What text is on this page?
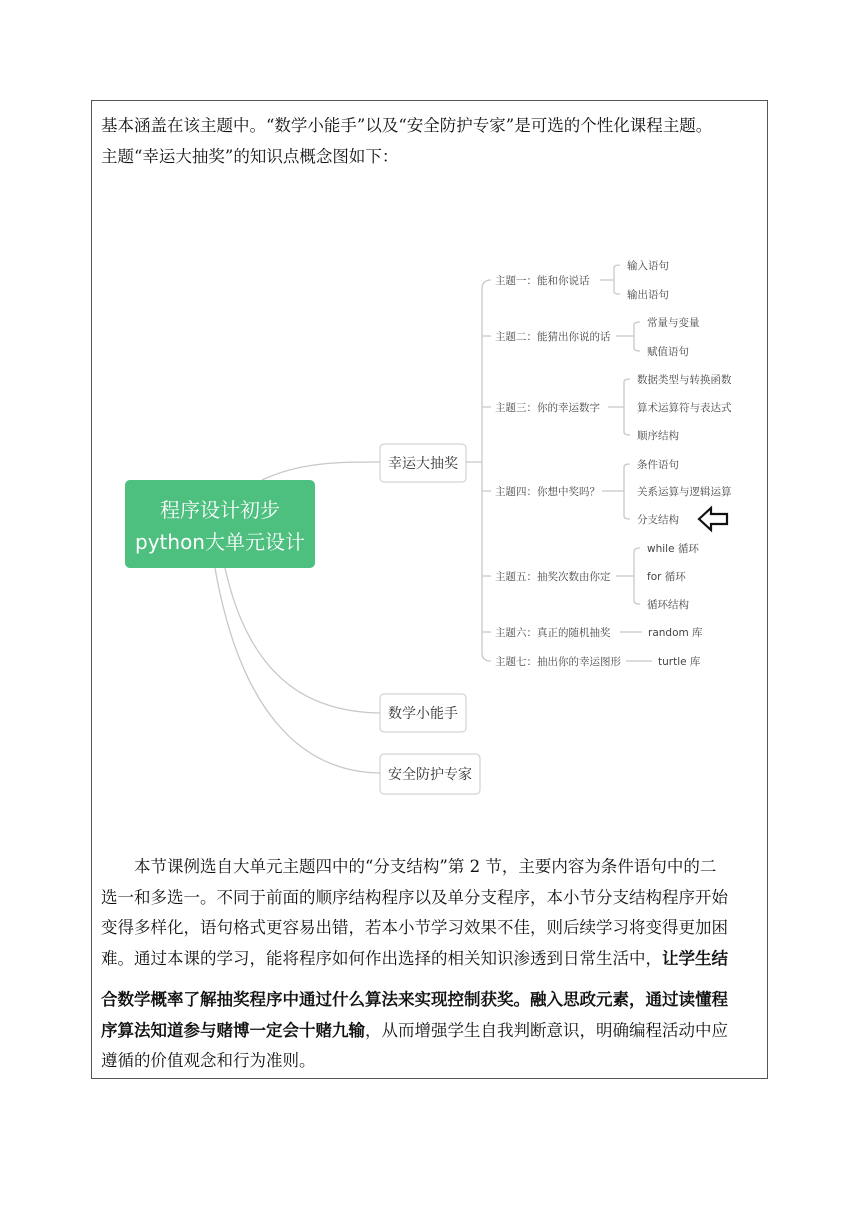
基本涵盖在该主题中。“数学小能手”以及“安全防护专家”是可选的个性化课程主题。
主题“幸运大抽奖”的知识点概念图如下：
程序设计初步
python大单元设计
幸运大抽奖
数学小能手
安全防护专家
主题一：能和你说话
输入语句
输出语句
主题二：能猜出你说的话
常量与变量
赋值语句
主题三：你的幸运数字
数据类型与转换函数
算术运算符与表达式
顺序结构
主题四：你想中奖吗？
条件语句
关系运算与逻辑运算
分支结构
主题五：抽奖次数由你定
while 循环
for 循环
循环结构
主题六：真正的随机抽奖	random 库
主题七：抽出你的幸运图形	turtle 库
本节课例选自大单元主题四中的“分支结构”第 2 节，主要内容为条件语句中的二
选一和多选一。不同于前面的顺序结构程序以及单分支程序，本小节分支结构程序开始
变得多样化，语句格式更容易出错，若本小节学习效果不佳，则后续学习将变得更加困
难。通过本课的学习，能将程序如何作出选择的相关知识渗透到日常生活中，让学生结
合数学概率了解抽奖程序中通过什么算法来实现控制获奖。融入思政元素，通过读懂程
序算法知道参与赌博一定会十赌九输，从而增强学生自我判断意识，明确编程活动中应
遵循的价值观念和行为准则。
